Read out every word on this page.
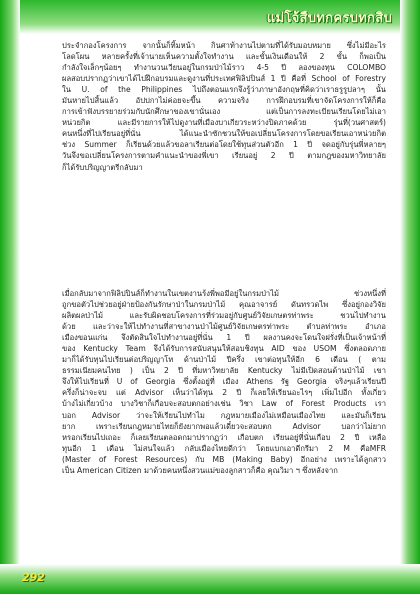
แม่โจ้สืบทกครบทกสิบ
292
ประจำกองโครงการ จากนั้นก็ทิ้มหน้า กินศาท้างานไปตามที่ได้รับมอบหมาย ซึ่งไม่มีอะไร
โลดโผน หลายครั้งที่เจ้านายเห็นความตั้งใจทำงาน และขั้นเงินเดือนให้ 2 ขั้น ก็พอเป็น
กำลังใจเล็กๆน้อยๆ ทำงานวนเวียนอยู่ในกรมป่าไม้ราว 4-5 ปี ลองของทุน COLOMBO
ผลสอบปรากฏว่าเขาได้ไปฝึกอบรมและดูงานที่ประเทศฟิลิปปินส์ 1 ปี คือที่ School of Forestry
ใน U. of the Philippines ไปถึงตอนแรกจึงรู้ว่าภาษาอังกฤษที่คิดว่าเราธรูรูปลาๆ นั้น
มันหายไปสิ้นแล้ว อัปปกาไม่ค่อยจะขึ้น ความจริง การฝึกอบรมที่เขาจัดโครงการให้ก็คือ
การเข้าฟังบรรยายร่วมกับนักศึกษาของเขานั่นเอง แต่เป็นการลงทะเบียนเรียนโดยไม่เอา
หน่วยกิต และมีรายการให้ไปดูงานที่เมืองบาเกียวระหว่างปิดภาคด้วย รุ่นที่(วนศาสตร์)
คนหนึ่งที่ไปเรียนอยู่ที่นั่น ได้แนะนำซักชวนให้ขอเปลี่ยนโครงการโดยขอเรียนเอาหน่วยกิต
ช่วง Summer ก็เรียนด้วยแล้วขอลาเรียนต่อโดยใช้ทุนส่วนตัวอีก 1 ปี จดอยู่กับรุ่นพี่หลายๆ
วันจึงขอเปลี่ยนโครงการตามคำแนะนำของพี่เขา เรียนอยู่ 2 ปี ตามกฎของมหาวิทยาลัย
ก็ได้รับปริญญาตรีกลับมา
เมื่อกลับมาจากฟิลิปปินส์ก็ทำงานในเขตงานร้งพี่พอมีอยู่ในกรมป่าไม้ ช่วงหนึ่งที่
ถูกขอตัวไปช่วยอยู่ฝ่ายป้องกันรักษาป่าในกรมป่าไม้ คุณอาจารย์ ดันทรวดไพ ซึ่งอยู่กองวิจัย
ผลิตผลป่าไม้ และรับผิดชอบโครงการที่ร่วมอยู่กับศูนย์วิจัยเกษตรท่าพระ ชวนไปทำงาน
ด้วย และว่าจะให้ไปทำงานที่สาขางานป่าไม้ศูนย์วิจัยเกษตรท่าพระ ตำบลท่าพระ อำเภอ
เมืองขอนแก่น จึงตัดสินใจไปทำงานอยู่ที่นั่น 1 ปี ผลงานคงจะโดนใจฝรั่งที่เป็นเจ้าหน้าที่
ของ Kentucky Team จึงได้รับการสนับสนุนให้สอบชิงทุน AID ของ USOM ซึ่งตลอดภาย
มาก็ได้รับทุนไปเรียนต่อปริญญาโท ด้านป่าไม้ ปีครึ่ง เขาต่อทุนให้อีก 6 เดือน ( ตาม
ธรรมเนียมคนไทย ) เป็น 2 ปี ที่มหาวิทยาลัย Kentucky ไม่มีเปิดสอนด้านป่าไม้ เขา
จึงให้ไปเรียนที่ U of Georgia ซึ่งตั้งอยู่ที่ เมือง Athens รัฐ Georgia จริงๆแล้วเรียนปี
ครึ่งก็น่าจะจบ แต่ Advisor เห็นว่าได้ทุน 2 ปี ก็เลยให้เรียนอะไรๆ เพิ่มไปอีก ทั้งเกี่ยว
บ้างไม่เกี่ยวบ้าง บางวิชาก็เกือบจะสอบตกอย่างเช่น วิชา Law of Forest Products เรา
บอก Advisor ว่าจะให้เรียนไปทำไม กฎหมายเมืองไม่เหมือนเมืองไทย และมันก็เรียน
ยาก เพราะเรียนกฎหมายไทยก็ยังยากพอแล้วเดี๋ยวจะสอบตก Advisor บอกว่าไม่ยาก
หรอกเรียนไปเถอะ ก็เลยเรียนตลอดกมาปรากฏว่า เกือบตก เรียนอยู่ที่นั่นเกือบ 2 ปี เหลือ
ทุนอีก 1 เดือน ไม่สนใจแล้ว กลับเมืองไทยดีกว่า โดยแบกเอาดีกรีมา 2 M คือMFR
(Master of Forest Resources) กับ MB (Making Baby) อีกอย่าง เพราะได้ลูกสาว
เป็น American Citizen มาด้วยคนหนึ่งสวนแม่ของลูกสาวก็คือ คุณวิมา ฯ ซึ่งหลังจาก
